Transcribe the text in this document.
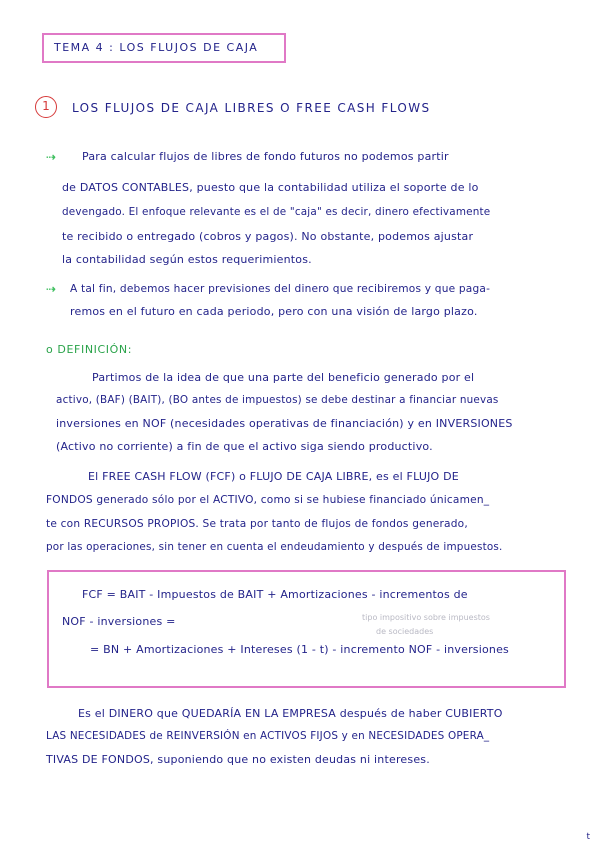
TEMA 4 : LOS FLUJOS DE CAJA
1	LOS FLUJOS DE CAJA LIBRES O FREE CASH FLOWS
⇢ Para calcular flujos de libres de fondo futuros no podemos partir
de DATOS CONTABLES, puesto que la contabilidad utiliza el soporte de lo
devengado. El enfoque relevante es el de "caja" es decir, dinero efectivamente
te recibido o entregado (cobros y pagos). No obstante, podemos ajustar
la contabilidad según estos requerimientos.
⇢ A tal fin, debemos hacer previsiones del dinero que recibiremos y que paga-
remos en el futuro en cada periodo, pero con una visión de largo plazo.
o DEFINICIÓN:
Partimos de la idea de que una parte del beneficio generado por el
activo, (BAF) (BAIT), (BO antes de impuestos) se debe destinar a financiar nuevas
inversiones en NOF (necesidades operativas de financiación) y en INVERSIONES
(Activo no corriente) a fin de que el activo siga siendo productivo.
El FREE CASH FLOW (FCF) o FLUJO DE CAJA LIBRE, es el FLUJO DE
FONDOS generado sólo por el ACTIVO, como si se hubiese financiado únicamen_
te con RECURSOS PROPIOS. Se trata por tanto de flujos de fondos generado,
por las operaciones, sin tener en cuenta el endeudamiento y después de impuestos.
FCF = BAIT - Impuestos de BAIT + Amortizaciones - incrementos de
NOF - inversiones =
= BN + Amortizaciones + Intereses (1 - t) - incremento NOF - inversiones
tipo impositivo sobre impuestos
de sociedades
Es el DINERO que QUEDARÍA EN LA EMPRESA después de haber CUBIERTO
LAS NECESIDADES de REINVERSIÓN en ACTIVOS FIJOS y en NECESIDADES OPERA_
TIVAS DE FONDOS, suponiendo que no existen deudas ni intereses.
t
